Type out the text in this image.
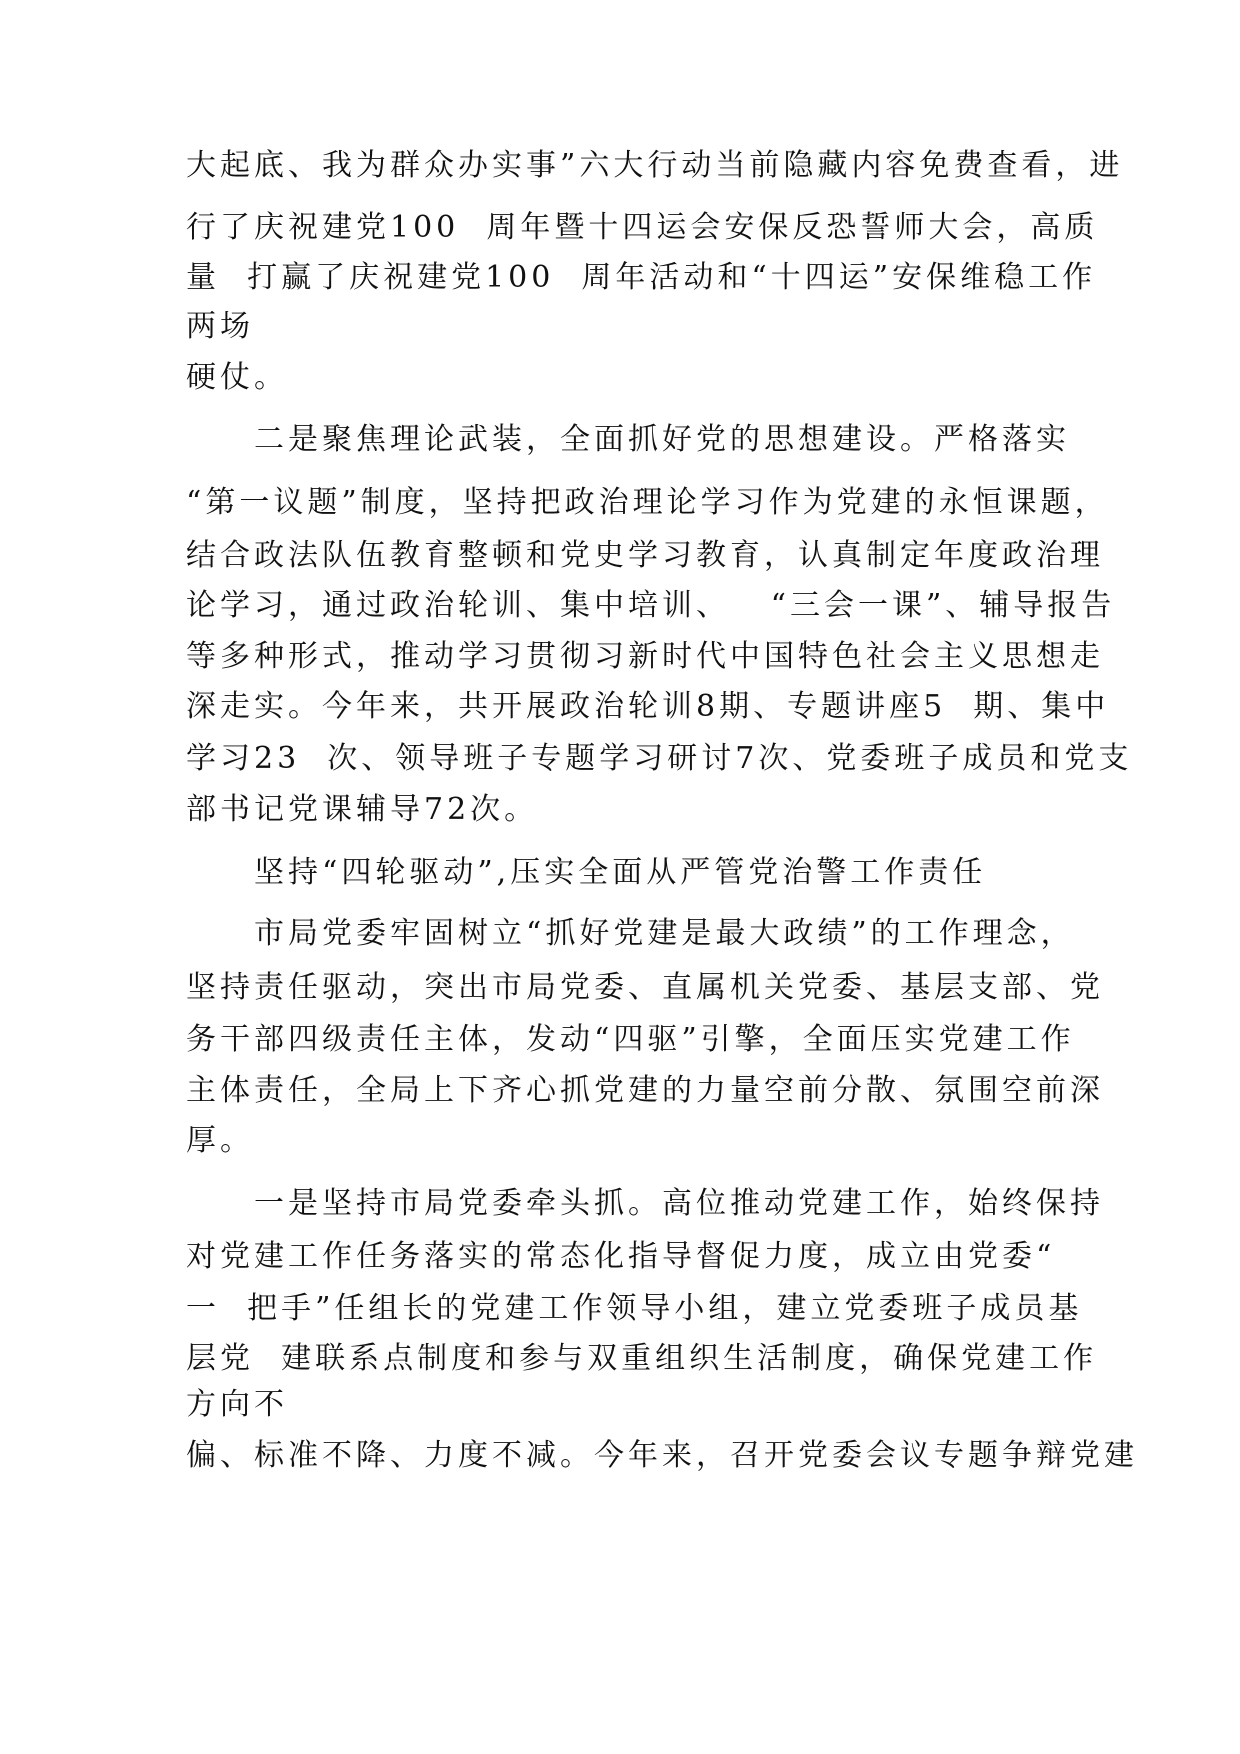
大起底、我为群众办实事”六大行动当前隐藏内容免费查看，进

行了庆祝建党100  周年暨十四运会安保反恐誓师大会，高质

量  打赢了庆祝建党100  周年活动和“十四运”安保维稳工作

两场

硬仗。

二是聚焦理论武装，全面抓好党的思想建设。严格落实

“第一议题”制度，坚持把政治理论学习作为党建的永恒课题，

结合政法队伍教育整顿和党史学习教育，认真制定年度政治理

论学习，通过政治轮训、集中培训、   “三会一课”、辅导报告

等多种形式，推动学习贯彻习新时代中国特色社会主义思想走

深走实。今年来，共开展政治轮训8期、专题讲座5  期、集中

学习23  次、领导班子专题学习研讨7次、党委班子成员和党支

部书记党课辅导72次。

坚持“四轮驱动”,压实全面从严管党治警工作责任

市局党委牢固树立“抓好党建是最大政绩”的工作理念，

坚持责任驱动，突出市局党委、直属机关党委、基层支部、党

务干部四级责任主体，发动“四驱”引擎，全面压实党建工作

主体责任，全局上下齐心抓党建的力量空前分散、氛围空前深

厚。

一是坚持市局党委牵头抓。高位推动党建工作，始终保持

对党建工作任务落实的常态化指导督促力度，成立由党委“

一  把手”任组长的党建工作领导小组，建立党委班子成员基

层党  建联系点制度和参与双重组织生活制度，确保党建工作

方向不

偏、标准不降、力度不减。今年来，召开党委会议专题争辩党建
